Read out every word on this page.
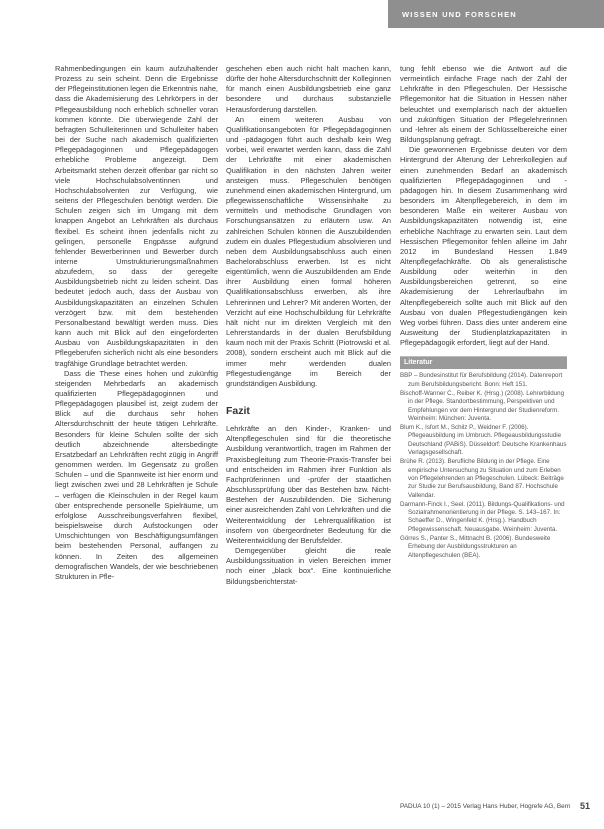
WISSEN UND FORSCHEN

Rahmenbedingungen ein kaum aufzuhaltender Prozess zu sein scheint. Denn die Ergebnisse der Pflegeinstitutionen legen die Erkenntnis nahe, dass die Akademisierung des Lehrkörpers in der Pflegeausbildung noch erheblich schneller voran kommen könnte. Die überwiegende Zahl der befragten Schulleiterinnen und Schulleiter haben bei der Suche nach akademisch qualifizierten Pflegepädagoginnen und Pflegepädagogen erhebliche Probleme angezeigt. Dem Arbeitsmarkt stehen derzeit offenbar gar nicht so viele Hochschulabsolventinnen und Hochschulabsolventen zur Verfügung, wie seitens der Pflegeschulen benötigt werden. Die Schulen zeigen sich im Umgang mit dem knappen Angebot an Lehrkräften als durchaus flexibel. Es scheint ihnen jedenfalls nicht zu gelingen, personelle Engpässe aufgrund fehlender Bewerberinnen und Bewerber durch interne Umstrukturierungsmaßnahmen abzufedern, so dass der geregelte Ausbildungsbetrieb nicht zu leiden scheint. Das bedeutet jedoch auch, dass der Ausbau von Ausbildungskapazitäten an einzelnen Schulen verzögert bzw. mit dem bestehenden Personalbestand bewältigt werden muss. Dies kann auch mit Blick auf den eingeforderten Ausbau von Ausbildungskapazitäten in den Pflegeberufen sicherlich nicht als eine besonders tragfähige Grundlage betrachtet werden.

Dass die These eines hohen und zukünftig steigenden Mehrbedarfs an akademisch qualifizierten Pflegepädagoginnen und Pflegepädagogen plausibel ist, zeigt zudem der Blick auf die durchaus sehr hohen Altersdurchschnitt der heute tätigen Lehrkräfte. Besonders für kleine Schulen sollte der sich deutlich abzeichnende altersbedingte Ersatzbedarf an Lehrkräften recht zügig in Angriff genommen werden. Im Gegensatz zu großen Schulen – und die Spannweite ist hier enorm und liegt zwischen zwei und 28 Lehrkräften je Schule – verfügen die Kleinschulen in der Regel kaum über entsprechende personelle Spielräume, um erfolglose Ausschreibungsverfahren flexibel, beispielsweise durch Aufstockungen oder Umschichtungen von Beschäftigungsumfängen beim bestehenden Personal, auffangen zu können. In Zeiten des allgemeinen demografischen Wandels, der wie beschriebenen Strukturen in Pfle-

geschehen eben auch nicht halt machen kann, dürfte der hohe Altersdurchschnitt der Kolleginnen für manch einen Ausbildungsbetrieb eine ganz besondere und durchaus substanzielle Herausforderung darstellen.

An einem weiteren Ausbau von Qualifikationsangeboten für Pflegepädagoginnen und -pädagogen führt auch deshalb kein Weg vorbei, weil erwartet werden kann, dass die Zahl der Lehrkräfte mit einer akademischen Qualifikation in den nächsten Jahren weiter ansteigen muss. Pflegeschulen benötigen zunehmend einen akademischen Hintergrund, um pflegewissenschaftliche Wissensinhalte zu vermitteln und methodische Grundlagen von Forschungsansätzen zu erläutern usw. An zahlreichen Schulen können die Auszubildenden zudem ein duales Pflegestudium absolvieren und neben dem Ausbildungsabschluss auch einen Bachelorabschluss erwerben. Ist es nicht eigentümlich, wenn die Auszubildenden am Ende ihrer Ausbildung einen formal höheren Qualifikationsabschluss erwerben, als ihre Lehrerinnen und Lehrer? Mit anderen Worten, der Verzicht auf eine Hochschulbildung für Lehrkräfte hält nicht nur im direkten Vergleich mit den Lehrerstandards in der dualen Berufsbildung kaum noch mit der Praxis Schritt (Piotrowski et al. 2008), sondern erscheint auch mit Blick auf die immer mehr werdenden dualen Pflegestudiengänge im Bereich der grundständigen Ausbildung.

Fazit

Lehrkräfte an den Kinder-, Kranken- und Altenpflegeschulen sind für die theoretische Ausbildung verantwortlich, tragen im Rahmen der Praxisbegleitung zum Theorie-Praxis-Transfer bei und entscheiden im Rahmen ihrer Funktion als Fachprüferinnen und -prüfer der staatlichen Abschlussprüfung über das Bestehen bzw. Nicht-Bestehen der Auszubildenden. Die Sicherung einer ausreichenden Zahl von Lehrkräften und die Weiterentwicklung der Lehrerqualifikation ist insofern von übergeordneter Bedeutung für die Weiterentwicklung der Berufsfelder.

Demgegenüber gleicht die reale Ausbildungssituation in vielen Bereichen immer noch einer „black box“. Eine kontinuierliche Bildungsberichterstat-

tung fehlt ebenso wie die Antwort auf die vermeintlich einfache Frage nach der Zahl der Lehrkräfte in den Pflegeschulen. Der Hessische Pflegemonitor hat die Situation in Hessen näher beleuchtet und exemplarisch nach der aktuellen und zukünftigen Situation der Pflegelehrerinnen und -lehrer als einem der Schlüsselbereiche einer Bildungsplanung gefragt.

Die gewonnenen Ergebnisse deuten vor dem Hintergrund der Alterung der Lehrerkollegien auf einen zunehmenden Bedarf an akademisch qualifizierten Pflegepädagoginnen und -pädagogen hin. In diesem Zusammenhang wird besonders im Altenpflegebereich, in dem im besonderen Maße ein weiterer Ausbau von Ausbildungskapazitäten notwendig ist, eine erhebliche Nachfrage zu erwarten sein. Laut dem Hessischen Pflegemonitor fehlen alleine im Jahr 2012 im Bundesland Hessen 1.849 Altenpflegefachkräfte. Ob als generalistische Ausbildung oder weiterhin in den Ausbildungsbereichen getrennt, so eine Akademisierung der Lehrerlaufbahn im Altenpflegebereich sollte auch mit Blick auf den Ausbau von dualen Pflegestudiengängen kein Weg vorbei führen. Dass dies unter anderem eine Ausweitung der Studienplatzkapazitäten in Pflegepädagogik erfordert, liegt auf der Hand.

Literatur
BBP – Bundesinstitut für Berufsbildung (2014). Datenreport zum Berufsbildungsbericht. Bonn: Heft 151.
Bischoff-Wanner C., Reiber K. (Hrsg.) (2008). Lehrerbildung in der Pflege. Standortbestimmung, Perspektiven und Empfehlungen vor dem Hintergrund der Studienreform. Weinheim: München: Juventa.
Blum K., Isfort M., Schilz P., Weidner F. (2006). Pflegeausbildung im Umbruch. Pflegeausbildungsstudie Deutschland (PABiS). Düsseldorf: Deutsche Krankenhaus Verlagsgesellschaft.
Brühe R. (2013). Berufliche Bildung in der Pflege. Eine empirische Untersuchung zu Situation und zum Erleben von Pflegelehrenden an Pflegeschulen. Lübeck: Beiträge zur Studie zur Berufsausbildung, Band 87. Hochschule Vallendar.
Darmann-Finck I., Seel. (2011). Bildungs-Qualifikations- und Sozialrahmenorientierung in der Pflege. S. 143–167. In: Schaeffer D., Wingenfeld K. (Hrsg.). Handbuch Pflegewissenschaft. Neuausgabe. Weinheim: Juventa.
Görres S., Panter S., Mittnacht B. (2006). Bundesweite Erhebung der Ausbildungsstrukturen an Altenpflegeschulen (BEA).
PADUA 10 (1) – 2015 Verlag Hans Huber, Hogrefe AG, Bern	51
